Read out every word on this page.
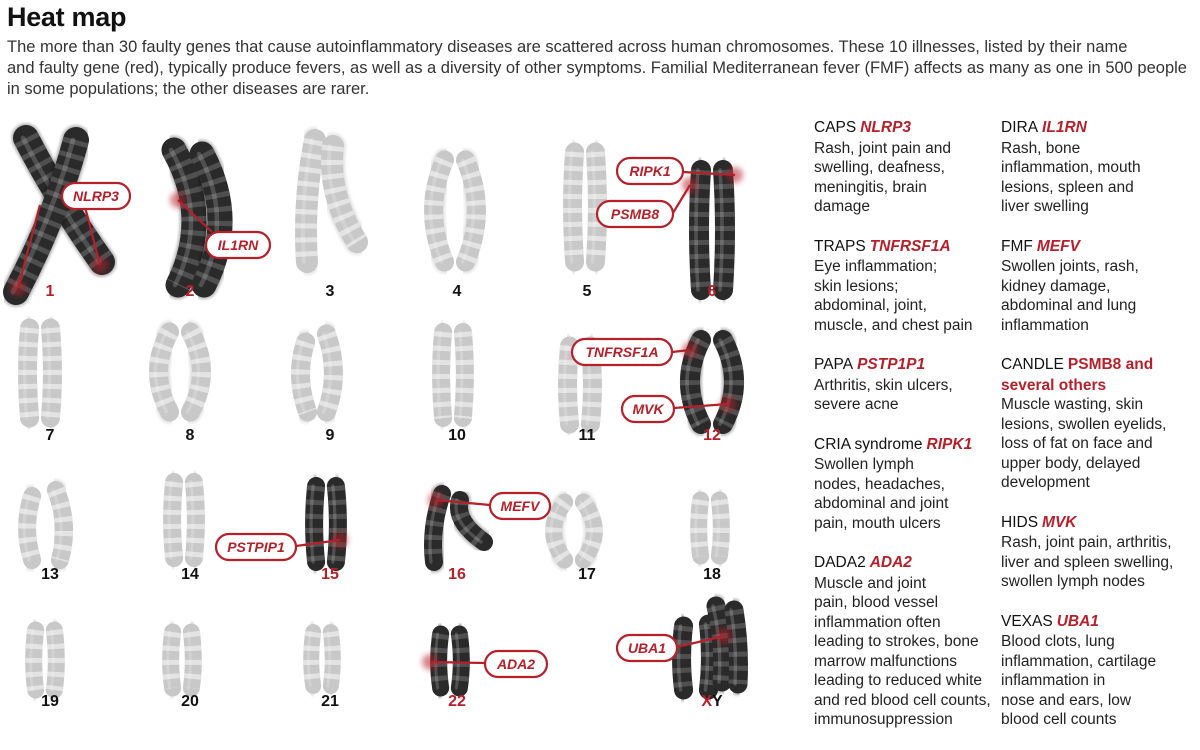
Heat map
The more than 30 faulty genes that cause autoinflammatory diseases are scattered across human chromosomes. These 10 illnesses, listed by their name
and faulty gene (red), typically produce fevers, as well as a diversity of other symptoms. Familial Mediterranean fever (FMF) affects as many as one in 500 people
in some populations; the other diseases are rarer.
1	2	3	4	5	6
7	8	9	10	11	12
13	14	15	16	17	18
19	20	21	22	XY
NLRP3
IL1RN
RIPK1
PSMB8
TNFRSF1A
MVK
PSTPIP1
MEFV
ADA2
UBA1
CAPS NLRP3
Rash, joint pain and
swelling, deafness,
meningitis, brain
damage
TRAPS TNFRSF1A
Eye inflammation;
skin lesions;
abdominal, joint,
muscle, and chest pain
PAPA PSTP1P1
Arthritis, skin ulcers,
severe acne
CRIA syndrome RIPK1
Swollen lymph
nodes, headaches,
abdominal and joint
pain, mouth ulcers
DADA2 ADA2
Muscle and joint
pain, blood vessel
inflammation often
leading to strokes, bone
marrow malfunctions
leading to reduced white
and red blood cell counts,
immunosuppression
DIRA IL1RN
Rash, bone
inflammation, mouth
lesions, spleen and
liver swelling
FMF MEFV
Swollen joints, rash,
kidney damage,
abdominal and lung
inflammation
CANDLE PSMB8 and
several others
Muscle wasting, skin
lesions, swollen eyelids,
loss of fat on face and
upper body, delayed
development
HIDS MVK
Rash, joint pain, arthritis,
liver and spleen swelling,
swollen lymph nodes
VEXAS UBA1
Blood clots, lung
inflammation, cartilage
inflammation in
nose and ears, low
blood cell counts
